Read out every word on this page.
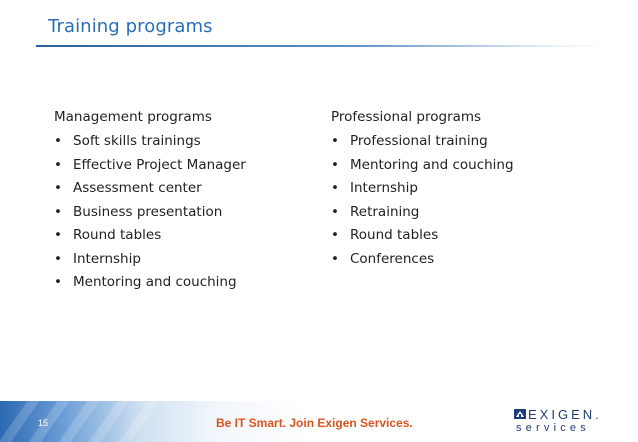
Training programs
Management programs
• Soft skills trainings
• Effective Project Manager
• Assessment center
• Business presentation
• Round tables
• Internship
• Mentoring and couching
Professional programs
• Professional training
• Mentoring and couching
• Internship
• Retraining
• Round tables
• Conferences
15	Be IT Smart. Join Exigen Services.
EXIGEN.
services
